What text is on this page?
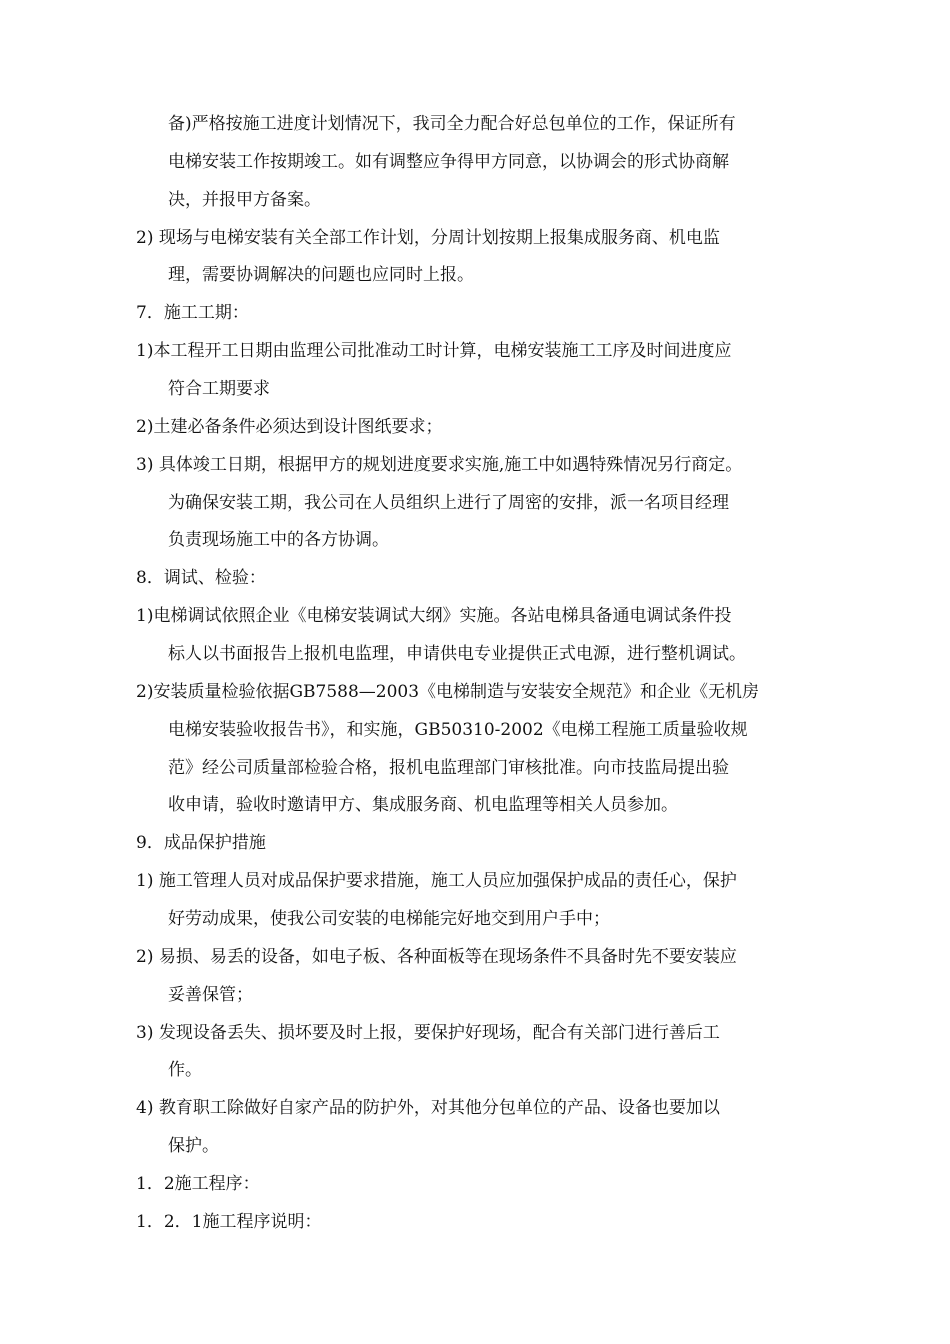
备)严格按施工进度计划情况下，我司全力配合好总包单位的工作，保证所有
电梯安装工作按期竣工。如有调整应争得甲方同意，以协调会的形式协商解
决，并报甲方备案。
2) 现场与电梯安装有关全部工作计划，分周计划按期上报集成服务商、机电监
理，需要协调解决的问题也应同时上报。
7．施工工期：
1)本工程开工日期由监理公司批准动工时计算，电梯安装施工工序及时间进度应
符合工期要求
2)土建必备条件必须达到设计图纸要求；
3) 具体竣工日期，根据甲方的规划进度要求实施,施工中如遇特殊情况另行商定。
为确保安装工期，我公司在人员组织上进行了周密的安排，派一名项目经理
负责现场施工中的各方协调。
8．调试、检验：
1)电梯调试依照企业《电梯安装调试大纲》实施。各站电梯具备通电调试条件投
标人以书面报告上报机电监理，申请供电专业提供正式电源，进行整机调试。
2)安装质量检验依据GB7588—2003《电梯制造与安装安全规范》和企业《无机房
电梯安装验收报告书》，和实施，GB50310-2002《电梯工程施工质量验收规
范》经公司质量部检验合格，报机电监理部门审核批准。向市技监局提出验
收申请，验收时邀请甲方、集成服务商、机电监理等相关人员参加。
9．成品保护措施
1) 施工管理人员对成品保护要求措施，施工人员应加强保护成品的责任心，保护
好劳动成果，使我公司安装的电梯能完好地交到用户手中；
2) 易损、易丢的设备，如电子板、各种面板等在现场条件不具备时先不要安装应
妥善保管；
3) 发现设备丢失、损坏要及时上报，要保护好现场，配合有关部门进行善后工
作。
4) 教育职工除做好自家产品的防护外，对其他分包单位的产品、设备也要加以
保护。
1．2施工程序：
1．2．1施工程序说明：
